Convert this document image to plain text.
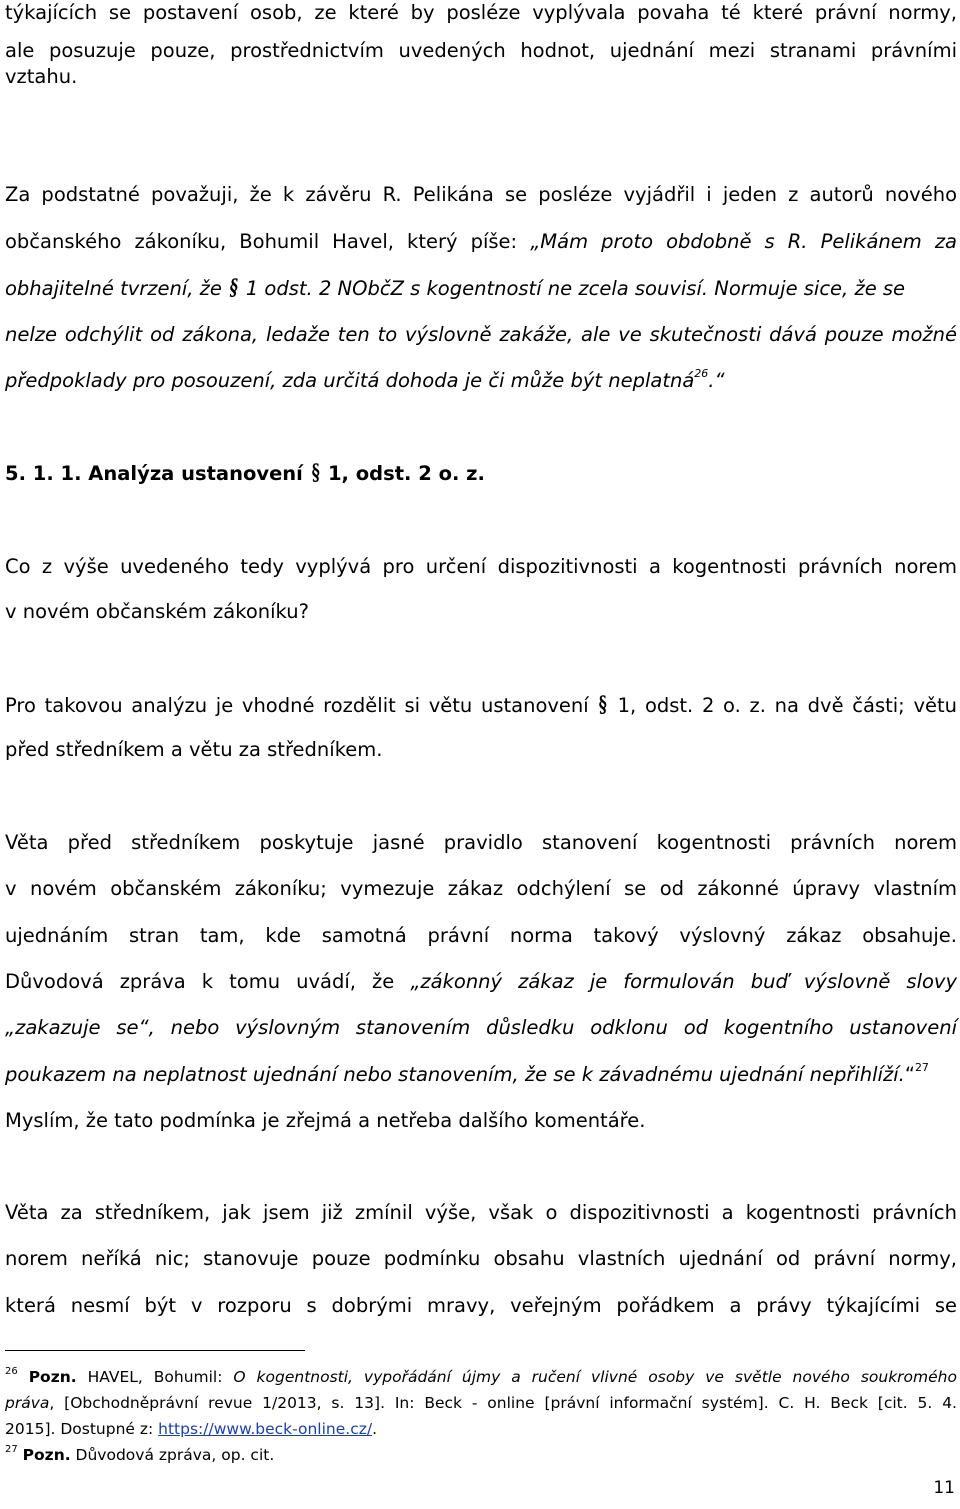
týkajících se postavení osob, ze které by posléze vyplývala povaha té které právní normy,
ale posuzuje pouze, prostřednictvím uvedených hodnot, ujednání mezi stranami právními
vztahu.
Za podstatné považuji, že k závěru R. Pelikána se posléze vyjádřil i jeden z autorů nového
občanského zákoníku, Bohumil Havel, který píše: „Mám proto obdobně s R. Pelikánem za
obhajitelné tvrzení, že § 1 odst. 2 NObčZ s kogentností ne zcela souvisí. Normuje sice, že se
nelze odchýlit od zákona, ledaže ten to výslovně zakáže, ale ve skutečnosti dává pouze možné
předpoklady pro posouzení, zda určitá dohoda je či může být neplatná$^{26}$.“
5. 1. 1. Analýza ustanovení § 1, odst. 2 o. z.
Co z výše uvedeného tedy vyplývá pro určení dispozitivnosti a kogentnosti právních norem
v novém občanském zákoníku?
Pro takovou analýzu je vhodné rozdělit si větu ustanovení § 1, odst. 2 o. z. na dvě části; větu
před středníkem a větu za středníkem.
Věta před středníkem poskytuje jasné pravidlo stanovení kogentnosti právních norem
v novém občanském zákoníku; vymezuje zákaz odchýlení se od zákonné úpravy vlastním
ujednáním stran tam, kde samotná právní norma takový výslovný zákaz obsahuje.
Důvodová zpráva k tomu uvádí, že „zákonný zákaz je formulován buď výslovně slovy
„zakazuje se“, nebo výslovným stanovením důsledku odklonu od kogentního ustanovení
poukazem na neplatnost ujednání nebo stanovením, že se k závadnému ujednání nepřihlíží.“$^{27}$
Myslím, že tato podmínka je zřejmá a netřeba dalšího komentáře.
Věta za středníkem, jak jsem již zmínil výše, však o dispozitivnosti a kogentnosti právních
norem neříká nic; stanovuje pouze podmínku obsahu vlastních ujednání od právní normy,
která nesmí být v rozporu s dobrými mravy, veřejným pořádkem a právy týkajícími se
$^{26}$ Pozn. HAVEL, Bohumil: O kogentnosti, vypořádání újmy a ručení vlivné osoby ve světle nového soukromého
práva, [Obchodněprávní revue 1/2013, s. 13]. In: Beck - online [právní informační systém]. C. H. Beck [cit. 5. 4.
2015]. Dostupné z: https://www.beck-online.cz/.
$^{27}$ Pozn. Důvodová zpráva, op. cit.
11
